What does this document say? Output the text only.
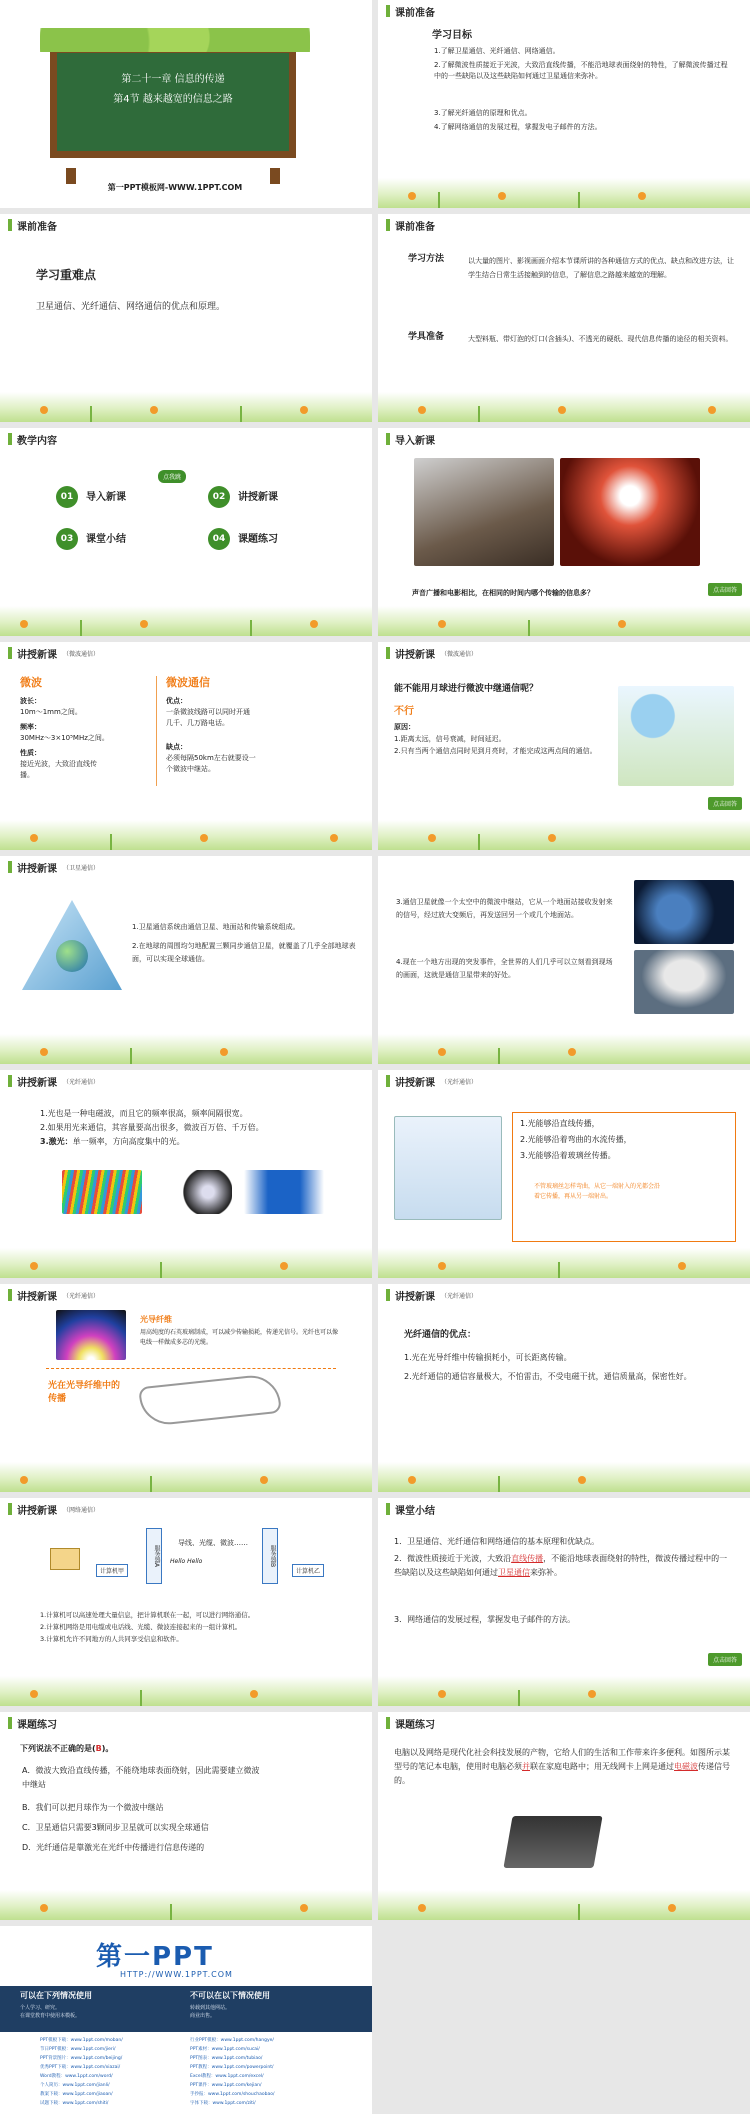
第二十一章 信息的传递
第4节 越来越宽的信息之路
第一PPT模板网-WWW.1PPT.COM
课前准备
学习目标
1.了解卫星通信、光纤通信、网络通信。
2.了解微波性质接近于光波，大致沿直线传播，不能沿地球表面绕射的特性，了解微波传播过程中的一些缺陷以及这些缺陷如何通过卫星通信来弥补。
3.了解光纤通信的原理和优点。
4.了解网络通信的发展过程，掌握发电子邮件的方法。
课前准备
学习重难点
卫星通信、光纤通信、网络通信的优点和原理。
课前准备
学习方法	以大量的图片、影视画面介绍本节课所讲的各种通信方式的优点、缺点和改进方法，让学生结合日常生活接触到的信息，了解信息之路越来越宽的理解。
学具准备	大型料瓶、带灯泡的灯口(含插头)、不透光的硬纸、现代信息传播的途径的相关资料。
教学内容
点我跳
01	导入新课	02	讲授新课
03	课堂小结	04	课题练习
导入新课
声音广播和电影相比，在相同的时间内哪个传输的信息多？	点击回答
讲授新课 （微波通信）
微波
波长：
10m～1mm之间。
频率：
30MHz～3×10⁵MHz之间。
性质：
接近光波，大致沿直线传播。
微波通信
优点：
一条微波线路可以同时开通几千、几万路电话。
缺点：
必须每隔50km左右就要设一个微波中继站。
讲授新课 （微波通信）
能不能用月球进行微波中继通信呢？
不行
原因：
1.距离太远，信号衰减，时间延迟。
2.只有当两个通信点同时见到月亮时，才能完成这两点间的通信。
点击回答
讲授新课 （卫星通信）
1.卫星通信系统由通信卫星、地面站和传输系统组成。
2.在地球的周围均匀地配置三颗同步通信卫星，就覆盖了几乎全部地球表面，可以实现全球通信。
3.通信卫星就像一个太空中的微波中继站，它从一个地面站接收发射来的信号，经过放大变频后，再发送回另一个或几个地面站。
4.现在一个地方出现的突发事件，全世界的人们几乎可以立刻看到现场的画面，这就是通信卫星带来的好处。
讲授新课 （光纤通信）
1.光也是一种电磁波，而且它的频率很高，频率间隔很宽。
2.如果用光来通信，其容量要高出很多，微波百万倍、千万倍。
3.激光：单一频率，方向高度集中的光。
讲授新课 （光纤通信）
1.光能够沿直线传播，
2.光能够沿着弯曲的水流传播，
3.光能够沿着玻璃丝传播。
不管玻璃丝怎样弯曲，从它一端射入的光都会沿着它传播，再从另一端射出。
讲授新课 （光纤通信）
光导纤维
用高纯度的石英玻璃制成，可以减少传输损耗，传递光信号。光纤也可以像电线一样做成多芯的光缆。
光在光导纤维中的传播
讲授新课 （光纤通信）
光纤通信的优点：
1.光在光导纤维中传输损耗小，可长距离传输。
2.光纤通信的通信容量极大，不怕雷击，不受电磁干扰，通信质量高，保密性好。
讲授新课 （网络通信）
服务器A	服务器B
导线、光缆、微波……
Hello Hello
计算机甲	计算机乙
1.计算机可以高速处理大量信息，把计算机联在一起，可以进行网络通信。
2.计算机网络是用电缆或电话线、光缆、微波连接起来的一组计算机。
3.计算机允许不同地方的人共同享受信息和软件。
课堂小结
1．卫星通信、光纤通信和网络通信的基本原理和优缺点。
2．微波性质接近于光波，大致沿直线传播，不能沿地球表面绕射的特性，微波传播过程中的一些缺陷以及这些缺陷如何通过卫星通信来弥补。
3．网络通信的发展过程，掌握发电子邮件的方法。
点击回答
课题练习
下列说法不正确的是(B)。
A．微波大致沿直线传播，不能绕地球表面绕射，因此需要建立微波中继站
B．我们可以把月球作为一个微波中继站
C．卫星通信只需要3颗同步卫星就可以实现全球通信
D．光纤通信是靠激光在光纤中传播进行信息传递的
课题练习
电脑以及网络是现代化社会科技发展的产物，它给人们的生活和工作带来许多便利。如图所示某型号的笔记本电脑，使用时电脑必须并联在家庭电路中；用无线网卡上网是通过电磁波传递信号的。
第一PPT
HTTP://WWW.1PPT.COM
可以在下列情况使用
个人学习、研究。
在课堂教育中使用本模板。
不可以在以下情况使用
转载到其他网站。
商业出售。
PPT模板下载：www.1ppt.com/moban/
节日PPT模板：www.1ppt.com/jieri/
PPT背景图片：www.1ppt.com/beijing/
优秀PPT下载：www.1ppt.com/xiazai/
Word教程：www.1ppt.com/word/
个人简历：www.1ppt.com/jianli/
教案下载：www.1ppt.com/jiaoan/
试题下载：www.1ppt.com/shiti/
行业PPT模板：www.1ppt.com/hangye/
PPT素材：www.1ppt.com/sucai/
PPT图表：www.1ppt.com/tubiao/
PPT教程：www.1ppt.com/powerpoint/
Excel教程：www.1ppt.com/excel/
PPT课件：www.1ppt.com/kejian/
手抄报：www.1ppt.com/shouchaobao/
字体下载：www.1ppt.com/ziti/
